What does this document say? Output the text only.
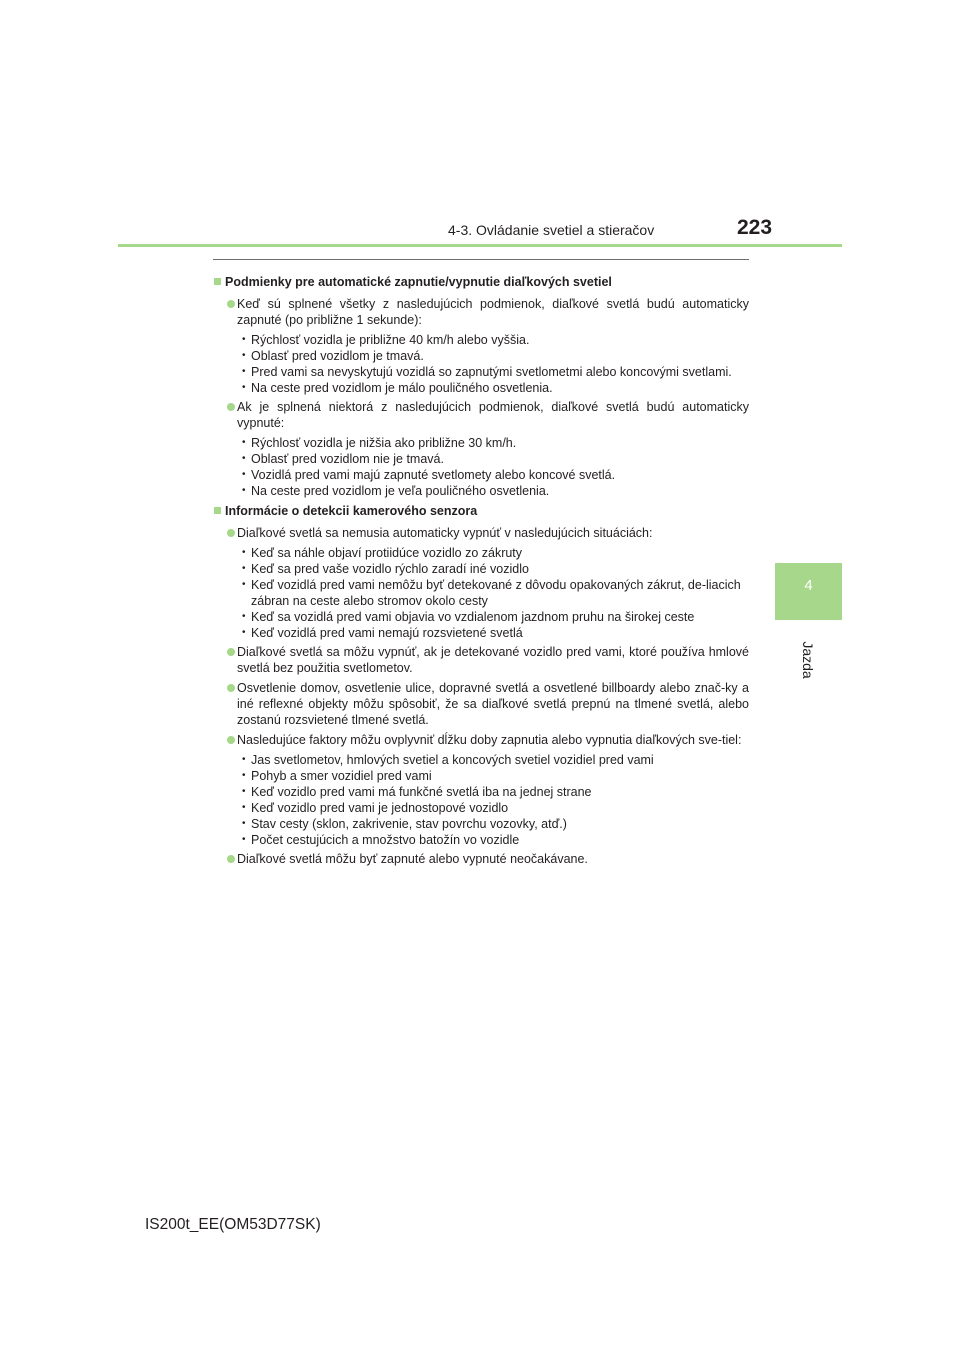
4-3. Ovládanie svetiel a stieračov	223
4
Jazda
Podmienky pre automatické zapnutie/vypnutie diaľkových svetiel
Keď sú splnené všetky z nasledujúcich podmienok, diaľkové svetlá budú automaticky zapnuté (po približne 1 sekunde):
• Rýchlosť vozidla je približne 40 km/h alebo vyššia.
• Oblasť pred vozidlom je tmavá.
• Pred vami sa nevyskytujú vozidlá so zapnutými svetlometmi alebo koncovými svetlami.
• Na ceste pred vozidlom je málo pouličného osvetlenia.
Ak je splnená niektorá z nasledujúcich podmienok, diaľkové svetlá budú automaticky vypnuté:
• Rýchlosť vozidla je nižšia ako približne 30 km/h.
• Oblasť pred vozidlom nie je tmavá.
• Vozidlá pred vami majú zapnuté svetlomety alebo koncové svetlá.
• Na ceste pred vozidlom je veľa pouličného osvetlenia.
Informácie o detekcii kamerového senzora
Diaľkové svetlá sa nemusia automaticky vypnúť v nasledujúcich situáciách:
• Keď sa náhle objaví protiidúce vozidlo zo zákruty
• Keď sa pred vaše vozidlo rýchlo zaradí iné vozidlo
• Keď vozidlá pred vami nemôžu byť detekované z dôvodu opakovaných zákrut, de-liacich zábran na ceste alebo stromov okolo cesty
• Keď sa vozidlá pred vami objavia vo vzdialenom jazdnom pruhu na širokej ceste
• Keď vozidlá pred vami nemajú rozsvietené svetlá
Diaľkové svetlá sa môžu vypnúť, ak je detekované vozidlo pred vami, ktoré používa hmlové svetlá bez použitia svetlometov.
Osvetlenie domov, osvetlenie ulice, dopravné svetlá a osvetlené billboardy alebo znač-ky a iné reflexné objekty môžu spôsobiť, že sa diaľkové svetlá prepnú na tlmené svetlá, alebo zostanú rozsvietené tlmené svetlá.
Nasledujúce faktory môžu ovplyvniť dĺžku doby zapnutia alebo vypnutia diaľkových sve-tiel:
• Jas svetlometov, hmlových svetiel a koncových svetiel vozidiel pred vami
• Pohyb a smer vozidiel pred vami
• Keď vozidlo pred vami má funkčné svetlá iba na jednej strane
• Keď vozidlo pred vami je jednostopové vozidlo
• Stav cesty (sklon, zakrivenie, stav povrchu vozovky, atď.)
• Počet cestujúcich a množstvo batožín vo vozidle
Diaľkové svetlá môžu byť zapnuté alebo vypnuté neočakávane.
IS200t_EE(OM53D77SK)
